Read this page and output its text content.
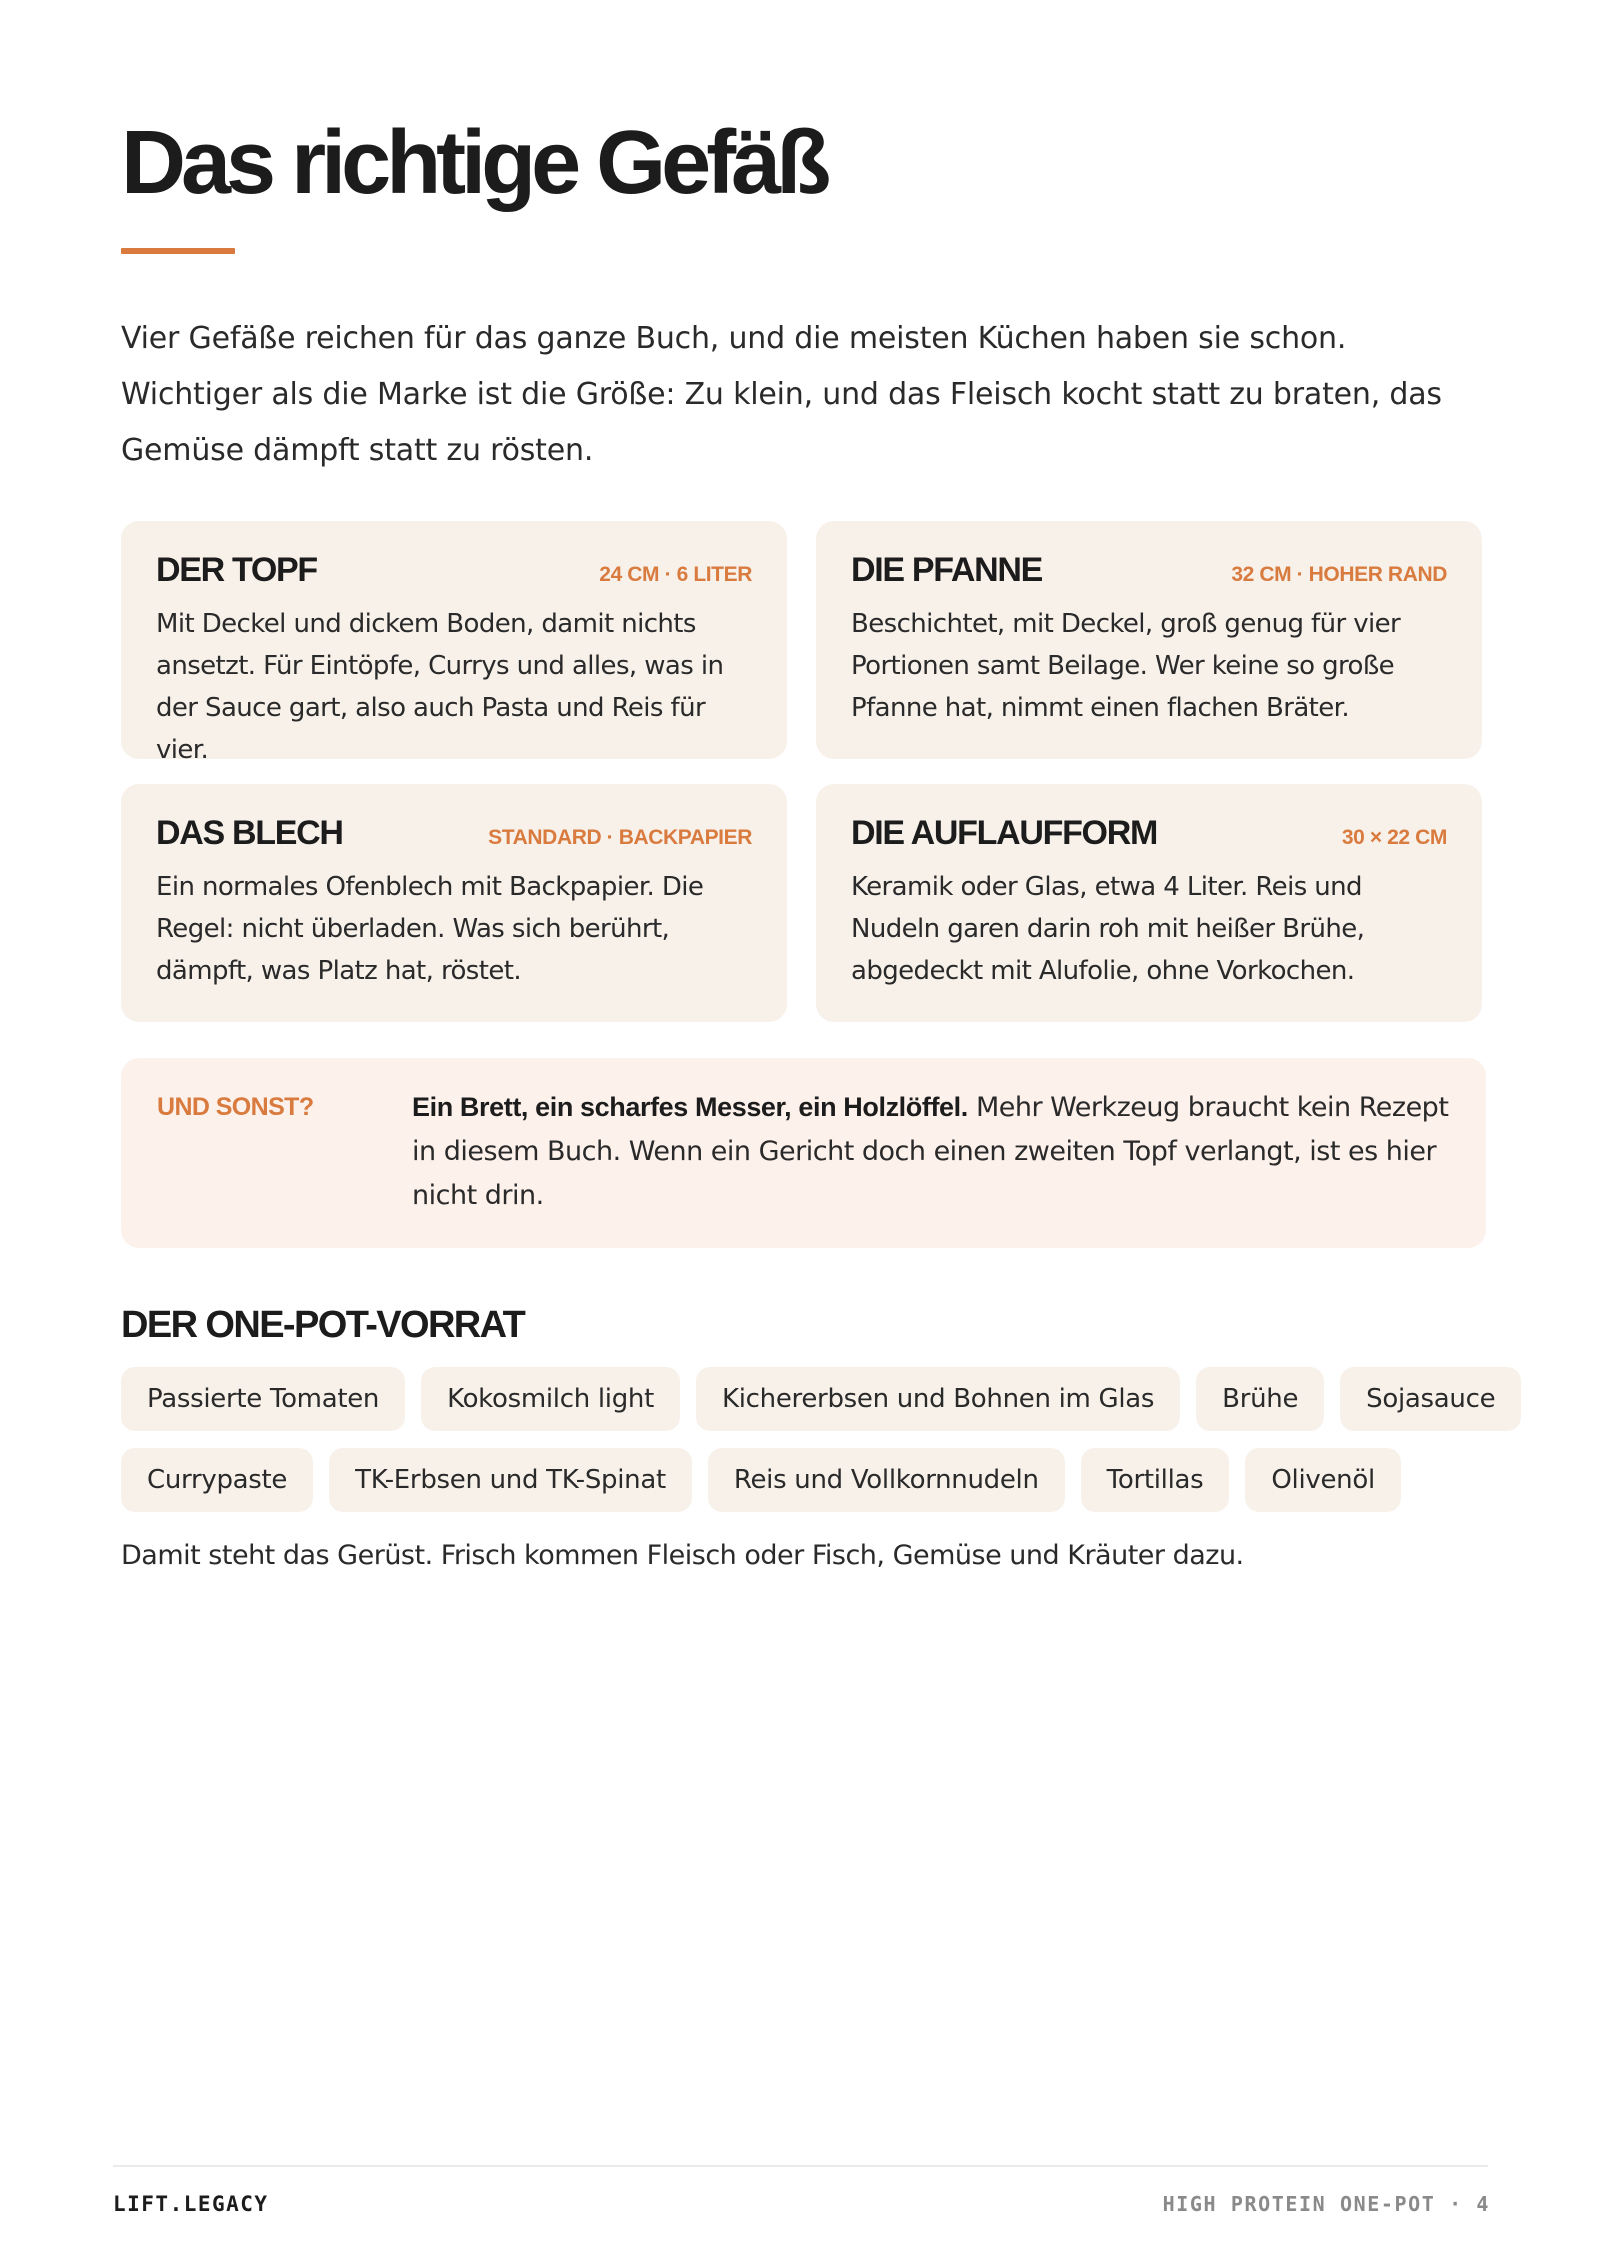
Das richtige Gefäß

Vier Gefäße reichen für das ganze Buch, und die meisten Küchen haben sie schon. Wichtiger als die Marke ist die Größe: Zu klein, und das Fleisch kocht statt zu braten, das Gemüse dämpft statt zu rösten.

DER TOPF	24 CM · 6 LITER
Mit Deckel und dickem Boden, damit nichts ansetzt. Für Eintöpfe, Currys und alles, was in der Sauce gart, also auch Pasta und Reis für vier.
DIE PFANNE	32 CM · HOHER RAND
Beschichtet, mit Deckel, groß genug für vier Portionen samt Beilage. Wer keine so große Pfanne hat, nimmt einen flachen Bräter.
DAS BLECH	STANDARD · BACKPAPIER
Ein normales Ofenblech mit Backpapier. Die Regel: nicht überladen. Was sich berührt, dämpft, was Platz hat, röstet.
DIE AUFLAUFFORM	30 × 22 CM
Keramik oder Glas, etwa 4 Liter. Reis und Nudeln garen darin roh mit heißer Brühe, abgedeckt mit Alufolie, ohne Vorkochen.
UND SONST?	Ein Brett, ein scharfes Messer, ein Holzlöffel. Mehr Werkzeug braucht kein Rezept in diesem Buch. Wenn ein Gericht doch einen zweiten Topf verlangt, ist es hier nicht drin.
DER ONE-POT-VORRAT
Passierte Tomaten	Kokosmilch light	Kichererbsen und Bohnen im Glas	Brühe	Sojasauce
Currypaste	TK-Erbsen und TK-Spinat	Reis und Vollkornnudeln	Tortillas	Olivenöl

Damit steht das Gerüst. Frisch kommen Fleisch oder Fisch, Gemüse und Kräuter dazu.

LIFT.LEGACY	HIGH PROTEIN ONE-POT · 4
